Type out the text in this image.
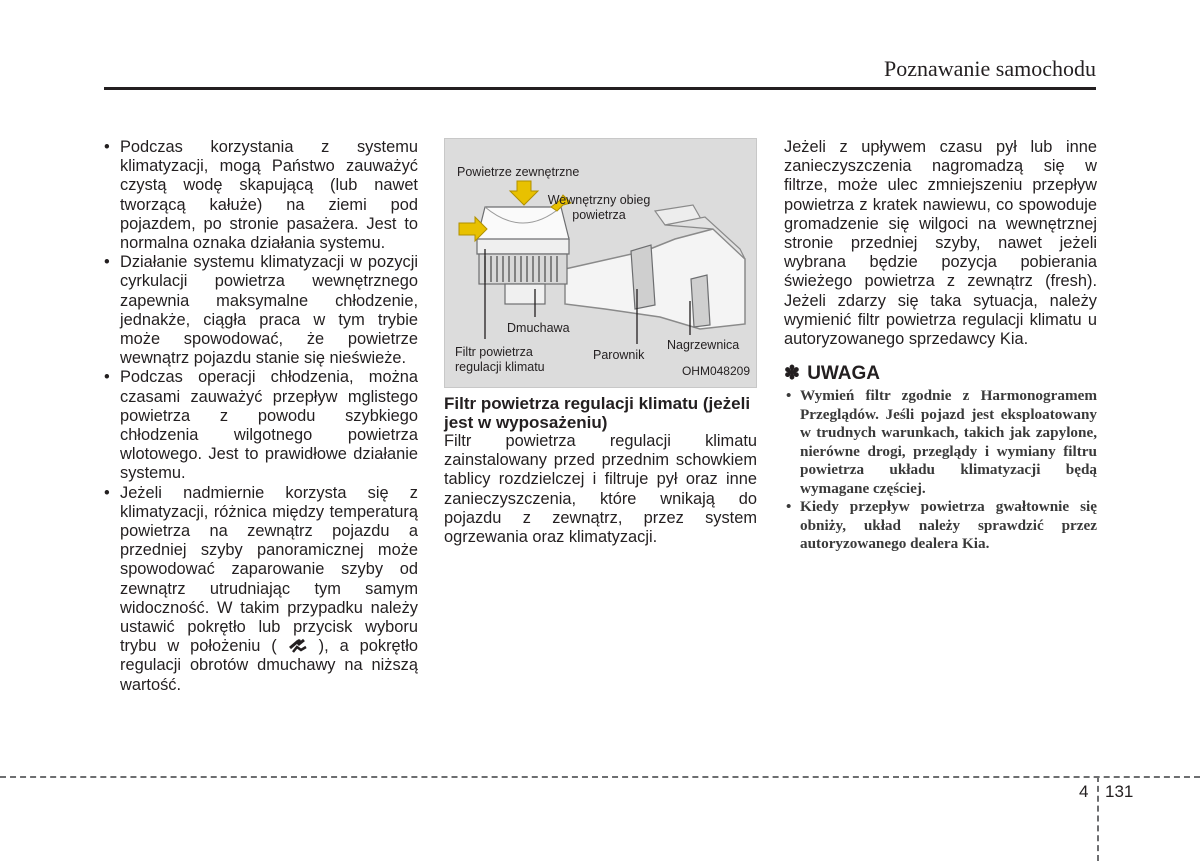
Poznawanie samochodu
• Podczas korzystania z systemu klimatyzacji, mogą Państwo zauważyć czystą wodę skapującą (lub nawet tworzącą kałuże) na ziemi pod pojazdem, po stronie pasażera. Jest to normalna oznaka działania systemu.
• Działanie systemu klimatyzacji w pozycji cyrkulacji powietrza wewnętrznego zapewnia maksymalne chłodzenie, jednakże, ciągła praca w tym trybie może spowodować, że powietrze wewnątrz pojazdu stanie się nieświeże.
• Podczas operacji chłodzenia, można czasami zauważyć przepływ mglistego powietrza z powodu szybkiego chłodzenia wilgotnego powietrza wlotowego. Jest to prawidłowe działanie systemu.
• Jeżeli nadmiernie korzysta się z klimatyzacji, różnica między temperaturą powietrza na zewnątrz pojazdu a przedniej szyby panoramicznej może spowodować zaparowanie szyby od zewnątrz utrudniając tym samym widoczność. W takim przypadku należy ustawić pokrętło lub przycisk wyboru trybu w położeniu (	), a pokrętło regulacji obrotów dmuchawy na niższą wartość.
Powietrze zewnętrzne
Wewnętrzny obieg powietrza
Dmuchawa
Filtr powietrza regulacji klimatu
Parownik
Nagrzewnica
OHM048209
Filtr powietrza regulacji klimatu (jeżeli jest w wyposażeniu)

Filtr powietrza regulacji klimatu zainstalowany przed przednim schowkiem tablicy rozdzielczej i filtruje pył oraz inne zanieczyszczenia, które wnikają do pojazdu z zewnątrz, przez system ogrzewania oraz klimatyzacji.

Jeżeli z upływem czasu pył lub inne zanieczyszczenia nagromadzą się w filtrze, może ulec zmniejszeniu przepływ powietrza z kratek nawiewu, co spowoduje gromadzenie się wilgoci na wewnętrznej stronie przedniej szyby, nawet jeżeli wybrana będzie pozycja pobierania świeżego powietrza z zewnątrz (fresh). Jeżeli zdarzy się taka sytuacja, należy wymienić filtr powietrza regulacji klimatu u autoryzowanego sprzedawcy Kia.

✽ UWAGA
• Wymień filtr zgodnie z Harmonogramem Przeglądów. Jeśli pojazd jest eksploatowany w trudnych warunkach, takich jak zapylone, nierówne drogi, przeglądy i wymiany filtru powietrza układu klimatyzacji będą wymagane częściej.
• Kiedy przepływ powietrza gwałtownie się obniży, układ należy sprawdzić przez autoryzowanego dealera Kia.
4 131
